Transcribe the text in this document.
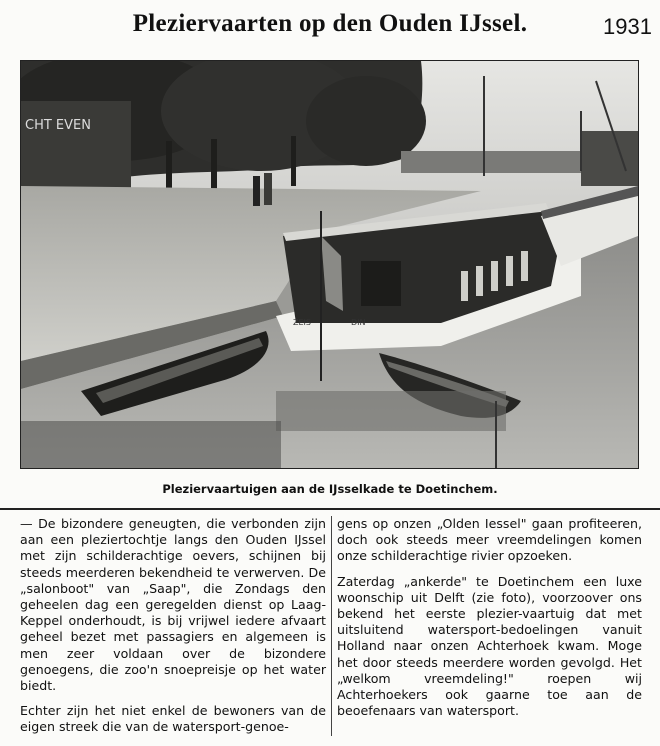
Pleziervaarten op den Ouden IJssel.	1931
CHT EVEN
ZEIS	DIN
Pleziervaartuigen aan de IJsselkade te Doetinchem.

— De bizondere geneugten, die verbonden zijn aan een pleziertochtje langs den Ouden IJssel met zijn schilderachtige oevers, schijnen bij steeds meerderen bekendheid te verwerven. De „salonboot" van „Saap", die Zondags den geheelen dag een geregelden dienst op Laag-Keppel onderhoudt, is bij vrijwel iedere afvaart geheel bezet met passagiers en algemeen is men zeer voldaan over de bizondere genoegens, die zoo'n snoepreisje op het water biedt.

Echter zijn het niet enkel de bewoners van de eigen streek die van de watersport-genoe-

gens op onzen „Olden Iessel" gaan profiteeren, doch ook steeds meer vreemdelingen komen onze schilderachtige rivier opzoeken.

Zaterdag „ankerde" te Doetinchem een luxe woonschip uit Delft (zie foto), voorzoover ons bekend het eerste plezier-vaartuig dat met uitsluitend watersport-bedoelingen vanuit Holland naar onzen Achterhoek kwam. Moge het door steeds meerdere worden gevolgd. Het „welkom vreemdeling!" roepen wij Achterhoekers ook gaarne toe aan de beoefenaars van watersport.
